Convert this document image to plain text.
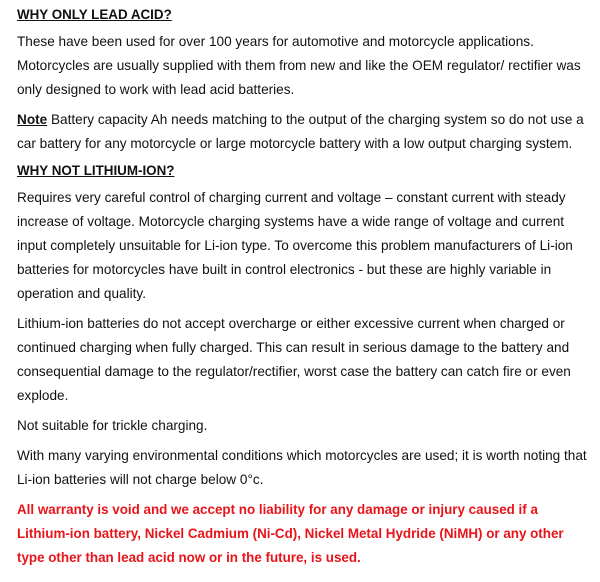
WHY ONLY LEAD ACID?

These have been used for over 100 years for automotive and motorcycle applications. Motorcycles are usually supplied with them from new and like the OEM regulator/ rectifier was only designed to work with lead acid batteries.

Note Battery capacity Ah needs matching to the output of the charging system so do not use a car battery for any motorcycle or large motorcycle battery with a low output charging system.

WHY NOT LITHIUM-ION?

Requires very careful control of charging current and voltage – constant current with steady increase of voltage. Motorcycle charging systems have a wide range of voltage and current input completely unsuitable for Li-ion type. To overcome this problem manufacturers of Li-ion batteries for motorcycles have built in control electronics - but these are highly variable in operation and quality.

Lithium-ion batteries do not accept overcharge or either excessive current when charged or continued charging when fully charged. This can result in serious damage to the battery and consequential damage to the regulator/rectifier, worst case the battery can catch fire or even explode.

Not suitable for trickle charging.

With many varying environmental conditions which motorcycles are used; it is worth noting that Li-ion batteries will not charge below 0°c.

All warranty is void and we accept no liability for any damage or injury caused if a Lithium-ion battery, Nickel Cadmium (Ni-Cd), Nickel Metal Hydride (NiMH) or any other type other than lead acid now or in the future, is used.
